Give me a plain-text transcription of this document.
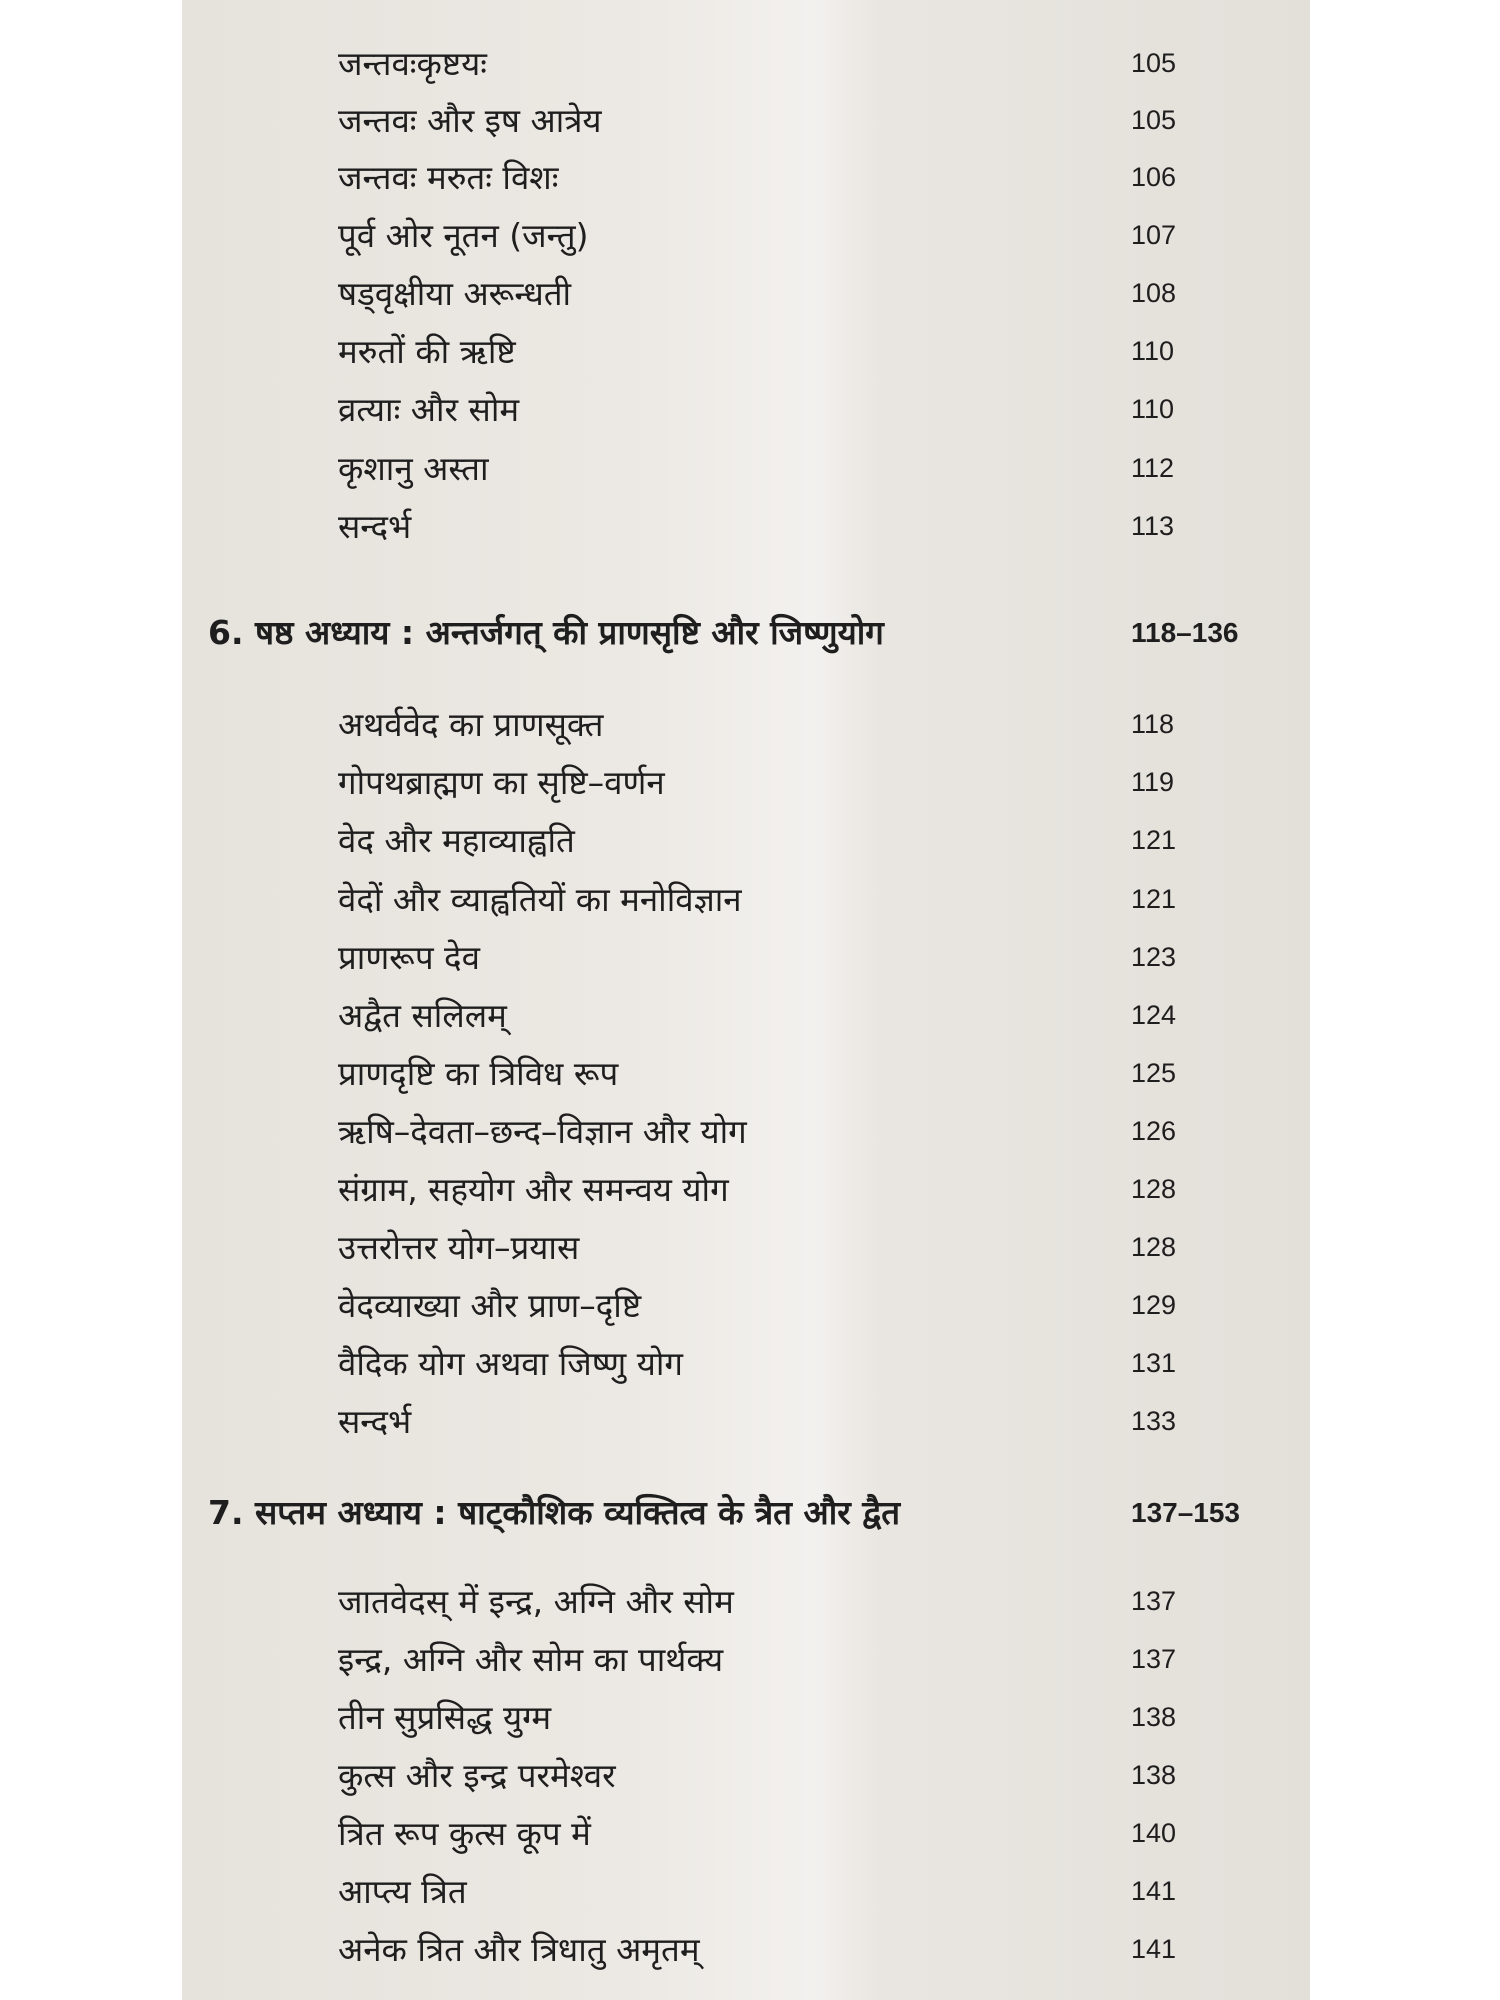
जन्तवःकृष्टयः	105
जन्तवः और इष आत्रेय	105
जन्तवः मरुतः विशः	106
पूर्व ओर नूतन (जन्तु)	107
षड्वृक्षीया अरून्धती	108
मरुतों की ऋष्टि	110
व्रत्याः और सोम	110
कृशानु अस्ता	112
सन्दर्भ	113
6. षष्ठ अध्याय : अन्तर्जगत् की प्राणसृष्टि और जिष्णुयोग	118–136
अथर्ववेद का प्राणसूक्त	118
गोपथब्राह्मण का सृष्टि–वर्णन	119
वेद और महाव्याह्वति	121
वेदों और व्याह्वतियों का मनोविज्ञान	121
प्राणरूप देव	123
अद्वैत सलिलम्	124
प्राणदृष्टि का त्रिविध रूप	125
ऋषि–देवता–छन्द–विज्ञान और योग	126
संग्राम, सहयोग और समन्वय योग	128
उत्तरोत्तर योग–प्रयास	128
वेदव्याख्या और प्राण–दृष्टि	129
वैदिक योग अथवा जिष्णु योग	131
सन्दर्भ	133
7. सप्तम अध्याय : षाट्कौशिक व्यक्तित्व के त्रैत और द्वैत	137–153
जातवेदस् में इन्द्र, अग्नि और सोम	137
इन्द्र, अग्नि और सोम का पार्थक्य	137
तीन सुप्रसिद्ध युग्म	138
कुत्स और इन्द्र परमेश्वर	138
त्रित रूप कुत्स कूप में	140
आप्त्य त्रित	141
अनेक त्रित और त्रिधातु अमृतम्	141
